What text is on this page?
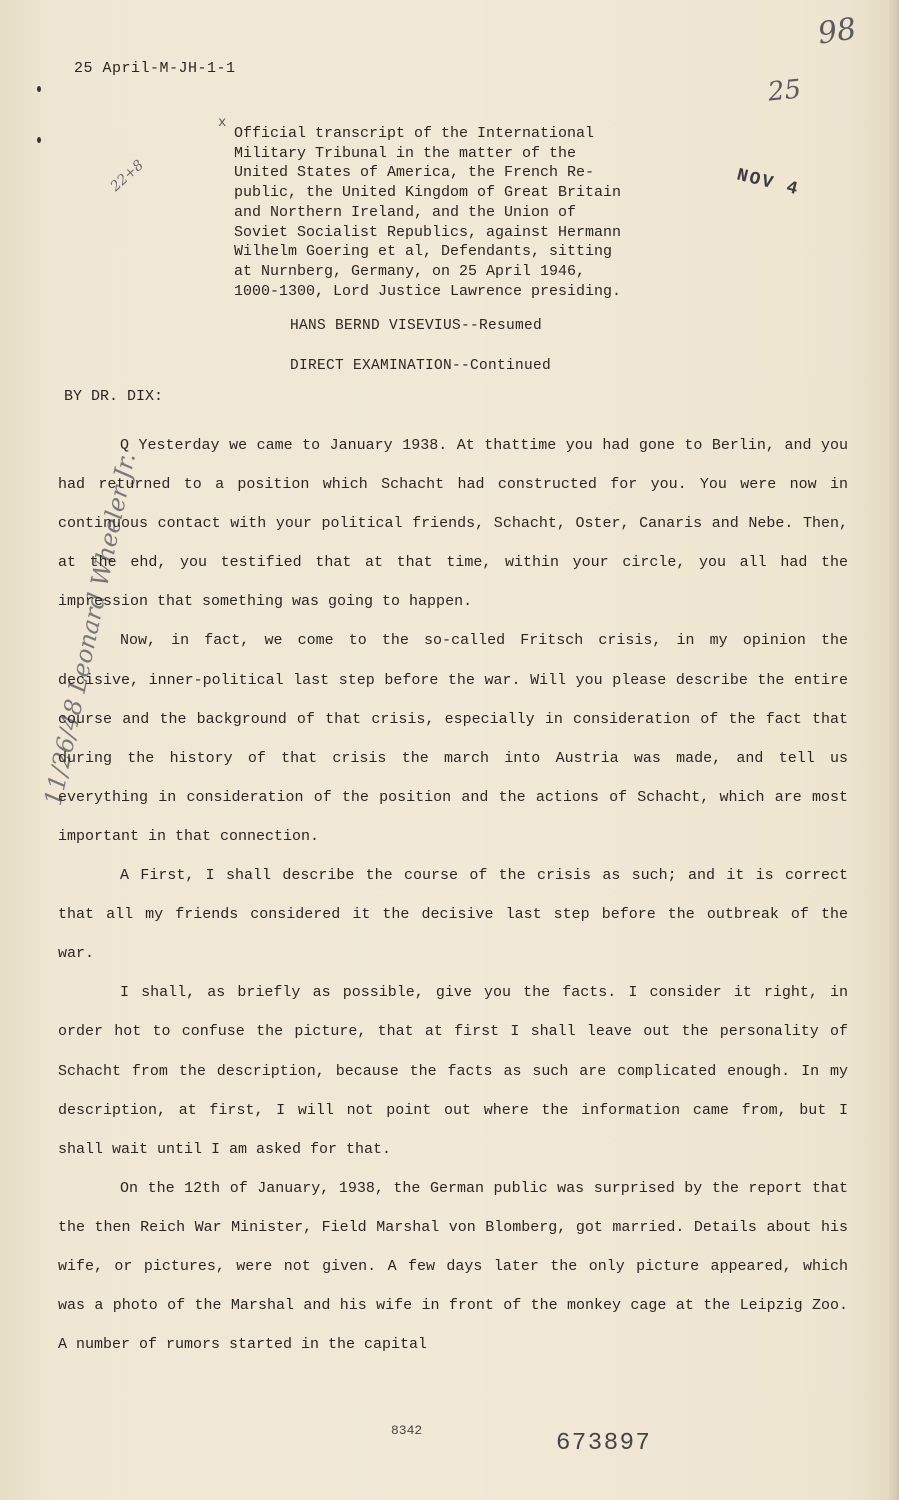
25 April-M-JH-1-1
98
25
22+8
11/26/48 Leonard Wheeler Jr.
x
NOV 4
Official transcript of the International
Military Tribunal in the matter of the
United States of America, the French Re-
public, the United Kingdom of Great Britain
and Northern Ireland, and the Union of
Soviet Socialist Republics, against Hermann
Wilhelm Goering et al, Defendants, sitting
at Nurnberg, Germany, on 25 April 1946,
1000-1300, Lord Justice Lawrence presiding.
HANS BERND VISEVIUS--Resumed
DIRECT EXAMINATION--Continued
BY DR. DIX:

Q Yesterday we came to January 1938. At thattime you had gone to Berlin, and you had returned to a position which Schacht had constructed for you. You were now in continuous contact with your political friends, Schacht, Oster, Canaris and Nebe. Then, at the ehd, you testified that at that time, within your circle, you all had the impression that something was going to happen.

Now, in fact, we come to the so-called Fritsch crisis, in my opinion the decisive, inner-political last step before the war. Will you please describe the entire course and the background of that crisis, especially in consideration of the fact that during the history of that crisis the march into Austria was made, and tell us everything in consideration of the position and the actions of Schacht, which are most important in that connection.

A First, I shall describe the course of the crisis as such; and it is correct that all my friends considered it the decisive last step before the outbreak of the war.

I shall, as briefly as possible, give you the facts. I consider it right, in order hot to confuse the picture, that at first I shall leave out the personality of Schacht from the description, because the facts as such are complicated enough. In my description, at first, I will not point out where the information came from, but I shall wait until I am asked for that.

On the 12th of January, 1938, the German public was surprised by the report that the then Reich War Minister, Field Marshal von Blomberg, got married. Details about his wife, or pictures, were not given. A few days later the only picture appeared, which was a photo of the Marshal and his wife in front of the monkey cage at the Leipzig Zoo. A number of rumors started in the capital

8342	673897
